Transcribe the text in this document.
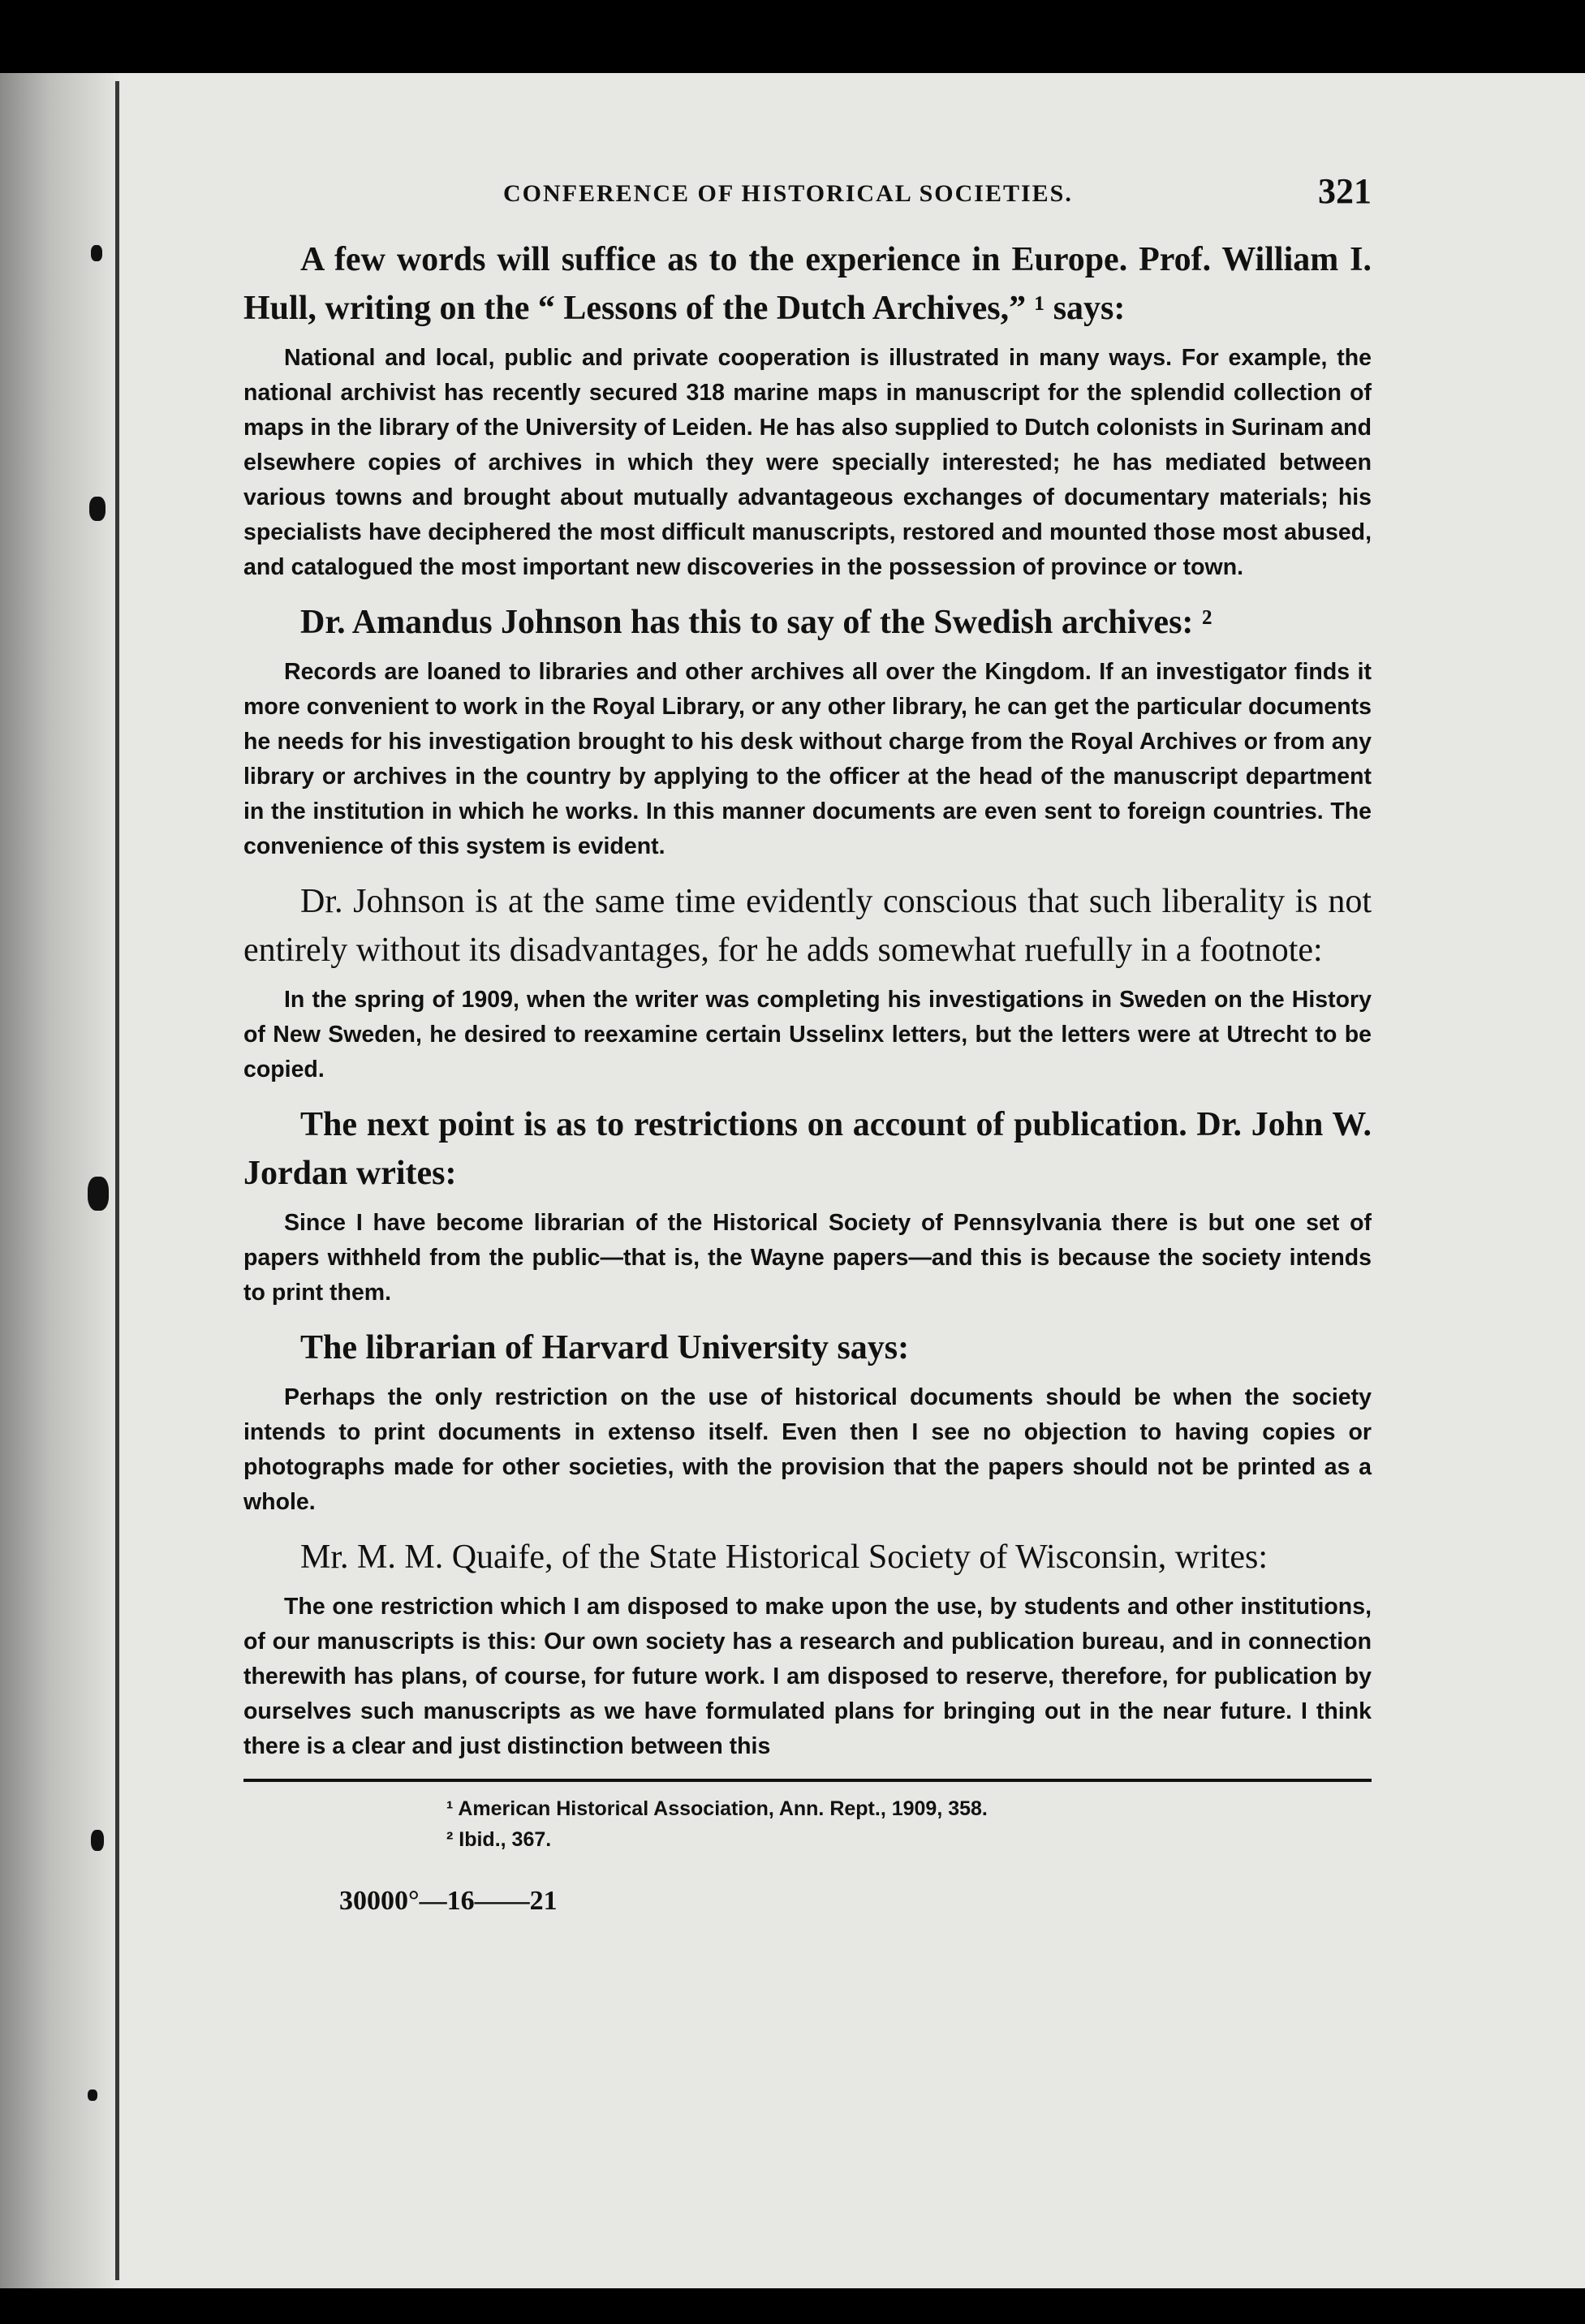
CONFERENCE OF HISTORICAL SOCIETIES.	321

A few words will suffice as to the experience in Europe. Prof. William I. Hull, writing on the “ Lessons of the Dutch Archives,” ¹ says:

National and local, public and private cooperation is illustrated in many ways. For example, the national archivist has recently secured 318 marine maps in manuscript for the splendid collection of maps in the library of the University of Leiden. He has also supplied to Dutch colonists in Surinam and elsewhere copies of archives in which they were specially interested; he has mediated between various towns and brought about mutually advantageous exchanges of documentary materials; his specialists have deciphered the most difficult manuscripts, restored and mounted those most abused, and catalogued the most important new discoveries in the possession of province or town.

Dr. Amandus Johnson has this to say of the Swedish archives: ²

Records are loaned to libraries and other archives all over the Kingdom. If an investigator finds it more convenient to work in the Royal Library, or any other library, he can get the particular documents he needs for his investigation brought to his desk without charge from the Royal Archives or from any library or archives in the country by applying to the officer at the head of the manuscript department in the institution in which he works. In this manner documents are even sent to foreign countries. The convenience of this system is evident.

Dr. Johnson is at the same time evidently conscious that such liberality is not entirely without its disadvantages, for he adds somewhat ruefully in a footnote:

In the spring of 1909, when the writer was completing his investigations in Sweden on the History of New Sweden, he desired to reexamine certain Usselinx letters, but the letters were at Utrecht to be copied.

The next point is as to restrictions on account of publication. Dr. John W. Jordan writes:

Since I have become librarian of the Historical Society of Pennsylvania there is but one set of papers withheld from the public—that is, the Wayne papers—and this is because the society intends to print them.

The librarian of Harvard University says:

Perhaps the only restriction on the use of historical documents should be when the society intends to print documents in extenso itself. Even then I see no objection to having copies or photographs made for other societies, with the provision that the papers should not be printed as a whole.

Mr. M. M. Quaife, of the State Historical Society of Wisconsin, writes:

The one restriction which I am disposed to make upon the use, by students and other institutions, of our manuscripts is this: Our own society has a research and publication bureau, and in connection therewith has plans, of course, for future work. I am disposed to reserve, therefore, for publication by ourselves such manuscripts as we have formulated plans for bringing out in the near future. I think there is a clear and just distinction between this

¹ American Historical Association, Ann. Rept., 1909, 358.
² Ibid., 367.
30000°—16——21
